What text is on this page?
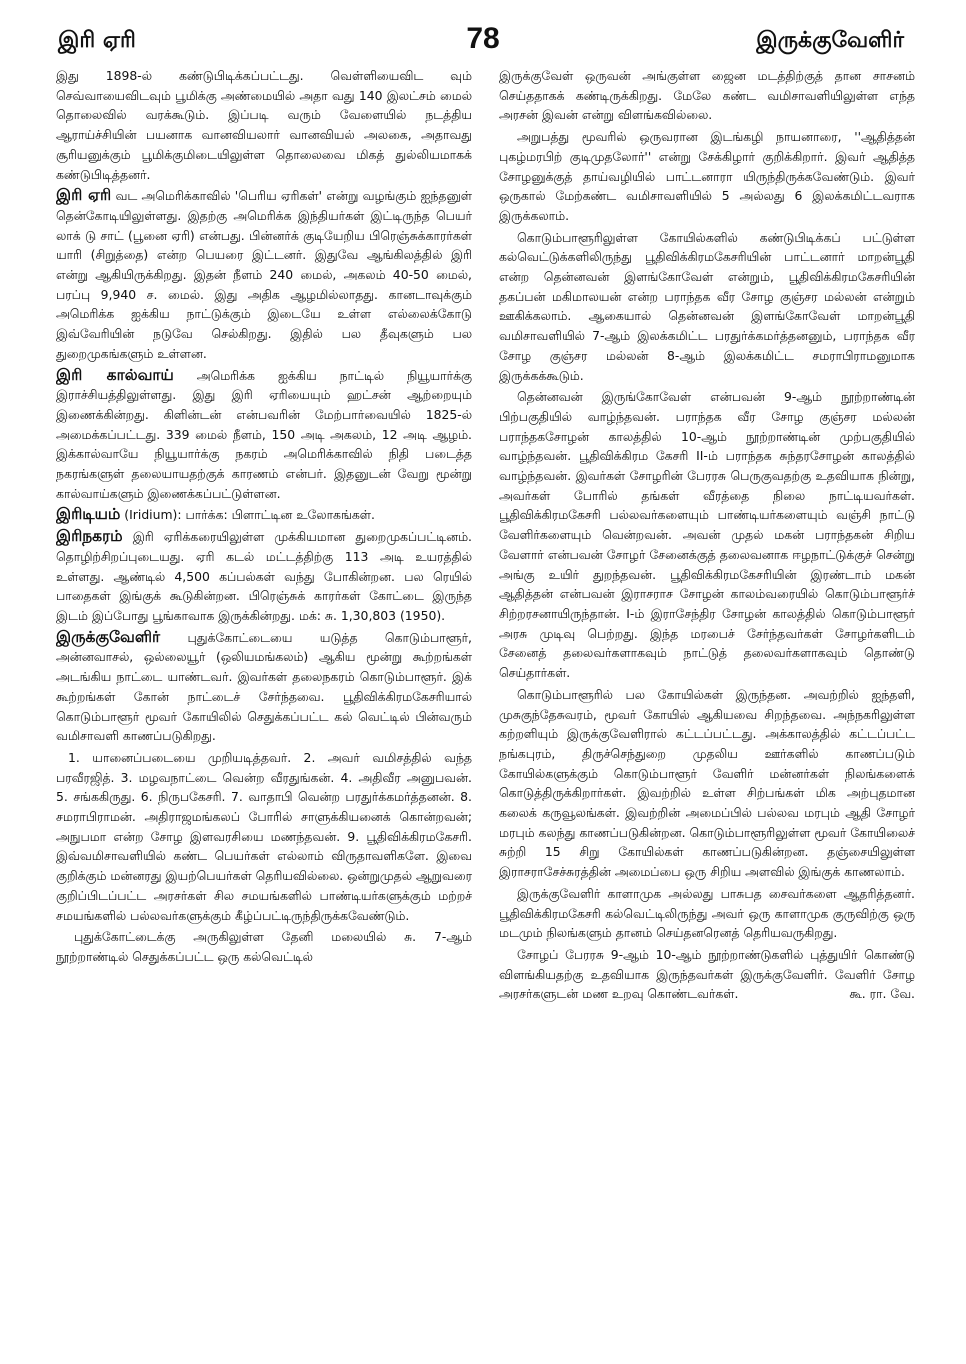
இரி ஏரி	78	இருக்குவேளிர்

இது 1898-ல் கண்டுபிடிக்கப்பட்டது. வெள்ளியைவிட வும் செவ்வாயைவிடவும் பூமிக்கு அண்மையில் அதா வது 140 இலட்சம் மைல் தொலைவில் வரக்கூடும். இப்படி வரும் வேளையில் நடத்திய ஆராய்ச்சியின் பயனாக வானவியலார் வானவியல் அலகை, அதாவது சூரியனுக்கும் பூமிக்குமிடையிலுள்ள தொலைவை மிகத் துல்லியமாகக் கண்டுபிடித்தனர்.

இரி ஏரி வட அமெரிக்காவில் 'பெரிய ஏரிகள்' என்று வழங்கும் ஐந்தனுள் தென்கோடியிலுள்ளது. இதற்கு அமெரிக்க இந்தியர்கள் இட்டிருந்த பெயர் லாக் டு சாட் (பூனை ஏரி) என்பது. பின்னர்க் குடியேறிய பிரெஞ்சுக்காரர்கள் யாரி (சிறுத்தை) என்ற பெயரை இட்டனர். இதுவே ஆங்கிலத்தில் இரி என்று ஆகியிருக்கிறது. இதன் நீளம் 240 மைல், அகலம் 40-50 மைல், பரப்பு 9,940 ச. மைல். இது அதிக ஆழமில்லாதது. கானடாவுக்கும் அமெரிக்க ஐக்கிய நாட்டுக்கும் இடையே உள்ள எல்லைக்கோடு இவ்வேரியின் நடுவே செல்கிறது. இதில் பல தீவுகளும் பல துறைமுகங்களும் உள்ளன.

இரி கால்வாய் அமெரிக்க ஐக்கிய நாட்டில் நியூயார்க்கு இராச்சியத்திலுள்ளது. இது இரி ஏரியையும் ஹட்சன் ஆற்றையும் இணைக்கின்றது. கிளின்டன் என்பவரின் மேற்பார்வையில் 1825-ல் அமைக்கப்பட்டது. 339 மைல் நீளம், 150 அடி அகலம், 12 அடி ஆழம். இக்கால்வாயே நியூயார்க்கு நகரம் அமெரிக்காவில் நிதி படைத்த நகரங்களுள் தலையாயதற்குக் காரணம் என்பர். இதனுடன் வேறு மூன்று கால்வாய்களும் இணைக்கப்பட்டுள்ளன.

இரிடியம் (Iridium): பார்க்க: பிளாட்டின உலோகங்கள்.

இரிநகரம் இரி ஏரிக்கரையிலுள்ள முக்கியமான துறைமுகப்பட்டினம். தொழிற்சிறப்புடையது. ஏரி கடல் மட்டத்திற்கு 113 அடி உயரத்தில் உள்ளது. ஆண்டில் 4,500 கப்பல்கள் வந்து போகின்றன. பல ரெயில் பாதைகள் இங்குக் கூடுகின்றன. பிரெஞ்சுக் காரர்கள் கோட்டை இருந்த இடம் இப்போது பூங்காவாக இருக்கின்றது. மக்: சு. 1,30,803 (1950).

இருக்குவேளிர் புதுக்கோட்டையை யடுத்த கொடும்பாளூர், அன்னவாசல், ஒல்லையூர் (ஒலியமங்கலம்) ஆகிய மூன்று கூற்றங்கள் அடங்கிய நாட்டை யாண்டவர். இவர்கள் தலைநகரம் கொடும்பாளூர். இக் கூற்றங்கள் கோன் நாட்டைச் சேர்ந்தவை. பூதிவிக்கிரமகேசரியால் கொடும்பாளூர் மூவர் கோயிலில் செதுக்கப்பட்ட கல் வெட்டில் பின்வரும் வமிசாவளி காணப்படுகிறது.

1. யானைப்படையை முறியடித்தவர். 2. அவர் வமிசத்தில் வந்த பரவீரஜித். 3. மழவநாட்டை வென்ற வீரதுங்கன். 4. அதிவீர அனுபவன். 5. சங்ககிருது. 6. நிருபகேசரி. 7. வாதாபி வென்ற பரதுர்க்கமர்த்தனன். 8. சமராபிராமன். அதிராஜமங்கலப் போரில் சாளுக்கியனைக் கொன்றவன்; அநுபமா என்ற சோழ இளவரசியை மணந்தவன். 9. பூதிவிக்கிரமகேசரி. இவ்வமிசாவளியில் கண்ட பெயர்கள் எல்லாம் விருதாவளிகளே. இவை குறிக்கும் மன்னரது இயற்பெயர்கள் தெரியவில்லை. ஒன்றுமுதல் ஆறுவரை குறிப்பிடப்பட்ட அரசர்கள் சில சமயங்களில் பாண்டியர்களுக்கும் மற்றச் சமயங்களில் பல்லவர்களுக்கும் கீழ்ப்பட்டிருந்திருக்கவேண்டும்.

புதுக்கோட்டைக்கு அருகிலுள்ள தேனி மலையில் சு. 7-ஆம் நூற்றாண்டில் செதுக்கப்பட்ட ஒரு கல்வெட்டில்

இருக்குவேள் ஒருவன் அங்குள்ள ஜைன மடத்திற்குத் தான சாசனம் செய்ததாகக் கண்டிருக்கிறது. மேலே கண்ட வமிசாவளியிலுள்ள எந்த அரசன் இவன் என்று விளங்கவில்லை.

அறுபத்து மூவரில் ஒருவரான இடங்கழி நாயனாரை, ''ஆதித்தன் புகழ்மரபிற் குடிமுதலோர்'' என்று சேக்கிழார் குறிக்கிறார். இவர் ஆதித்த சோழனுக்குத் தாய்வழியில் பாட்டனாரா யிருந்திருக்கவேண்டும். இவர் ஒருகால் மேற்கண்ட வமிசாவளியில் 5 அல்லது 6 இலக்கமிட்டவராக இருக்கலாம்.

கொடும்பாளூரிலுள்ள கோயில்களில் கண்டுபிடிக்கப் பட்டுள்ள கல்வெட்டுக்களிலிருந்து பூதிவிக்கிரமகேசரியின் பாட்டனார் மாறன்பூதி என்ற தென்னவன் இளங்கோவேள் என்றும், பூதிவிக்கிரமகேசரியின் தகப்பன் மகிமாலயன் என்ற பராந்தக வீர சோழ குஞ்சர மல்லன் என்றும் ஊகிக்கலாம். ஆகையால் தென்னவன் இளங்கோவேள் மாறன்பூதி வமிசாவளியில் 7-ஆம் இலக்கமிட்ட பரதுர்க்கமர்த்தனனும், பராந்தக வீர சோழ குஞ்சர மல்லன் 8-ஆம் இலக்கமிட்ட சமராபிராமனுமாக இருக்கக்கூடும்.

தென்னவன் இருங்கோவேள் என்பவன் 9-ஆம் நூற்றாண்டின் பிற்பகுதியில் வாழ்ந்தவன். பராந்தக வீர சோழ குஞ்சர மல்லன் பராந்தகசோழன் காலத்தில் 10-ஆம் நூற்றாண்டின் முற்பகுதியில் வாழ்ந்தவன். பூதிவிக்கிரம கேசரி II-ம் பராந்தக சுந்தரசோழன் காலத்தில் வாழ்ந்தவன். இவர்கள் சோழரின் பேரரசு பெருகுவதற்கு உதவியாக நின்று, அவர்கள் போரில் தங்கள் வீரத்தை நிலை நாட்டியவர்கள். பூதிவிக்கிரமகேசரி பல்லவர்களையும் பாண்டியர்களையும் வஞ்சி நாட்டு வேளிர்களையும் வென்றவன். அவன் முதல் மகன் பராந்தகன் சிறிய வேளார் என்பவன் சோழர் சேனைக்குத் தலைவனாக ஈழநாட்டுக்குச் சென்று அங்கு உயிர் துறந்தவன். பூதிவிக்கிரமகேசரியின் இரண்டாம் மகன் ஆதித்தன் என்பவன் இராசராச சோழன் காலம்வரையில் கொடும்பாளூர்ச் சிற்றரசனாயிருந்தான். I-ம் இராசேந்திர சோழன் காலத்தில் கொடும்பாளூர் அரசு முடிவு பெற்றது. இந்த மரபைச் சேர்ந்தவர்கள் சோழர்களிடம் சேனைத் தலைவர்களாகவும் நாட்டுத் தலைவர்களாகவும் தொண்டு செய்தார்கள்.

கொடும்பாளூரில் பல கோயில்கள் இருந்தன. அவற்றில் ஐந்தளி, முசுகுந்தேசுவரம், மூவர் கோயில் ஆகியவை சிறந்தவை. அந்நகரிலுள்ள கற்றளியும் இருக்குவேளிரால் கட்டப்பட்டது. அக்காலத்தில் கட்டப்பட்ட நங்கபுரம், திருச்செந்துறை முதலிய ஊர்களில் காணப்படும் கோயில்களுக்கும் கொடும்பாளூர் வேளிர் மன்னர்கள் நிலங்களைக் கொடுத்திருக்கிறார்கள். இவற்றில் உள்ள சிற்பங்கள் மிக அற்புதமான கலைக் கருவூலங்கள். இவற்றின் அமைப்பில் பல்லவ மரபும் ஆதி சோழர் மரபும் கலந்து காணப்படுகின்றன. கொடும்பாளூரிலுள்ள மூவர் கோயிலைச் சுற்றி 15 சிறு கோயில்கள் காணப்படுகின்றன. தஞ்சையிலுள்ள இராசராசேச்சுரத்தின் அமைப்பை ஒரு சிறிய அளவில் இங்குக் காணலாம்.

இருக்குவேளிர் காளாமுக அல்லது பாசுபத சைவர்களை ஆதரித்தனர். பூதிவிக்கிரமகேசரி கல்வெட்டிலிருந்து அவர் ஒரு காளாமுக குருவிற்கு ஒரு மடமும் நிலங்களும் தானம் செய்தனரெனத் தெரியவருகிறது.

சோழப் பேரரசு 9-ஆம் 10-ஆம் நூற்றாண்டுகளில் புத்துயிர் கொண்டு விளங்கியதற்கு உதவியாக இருந்தவர்கள் இருக்குவேளிர். வேளிர் சோழ அரசர்களுடன் மண உறவு கொண்டவர்கள்.	கூ. ரா. வே.
